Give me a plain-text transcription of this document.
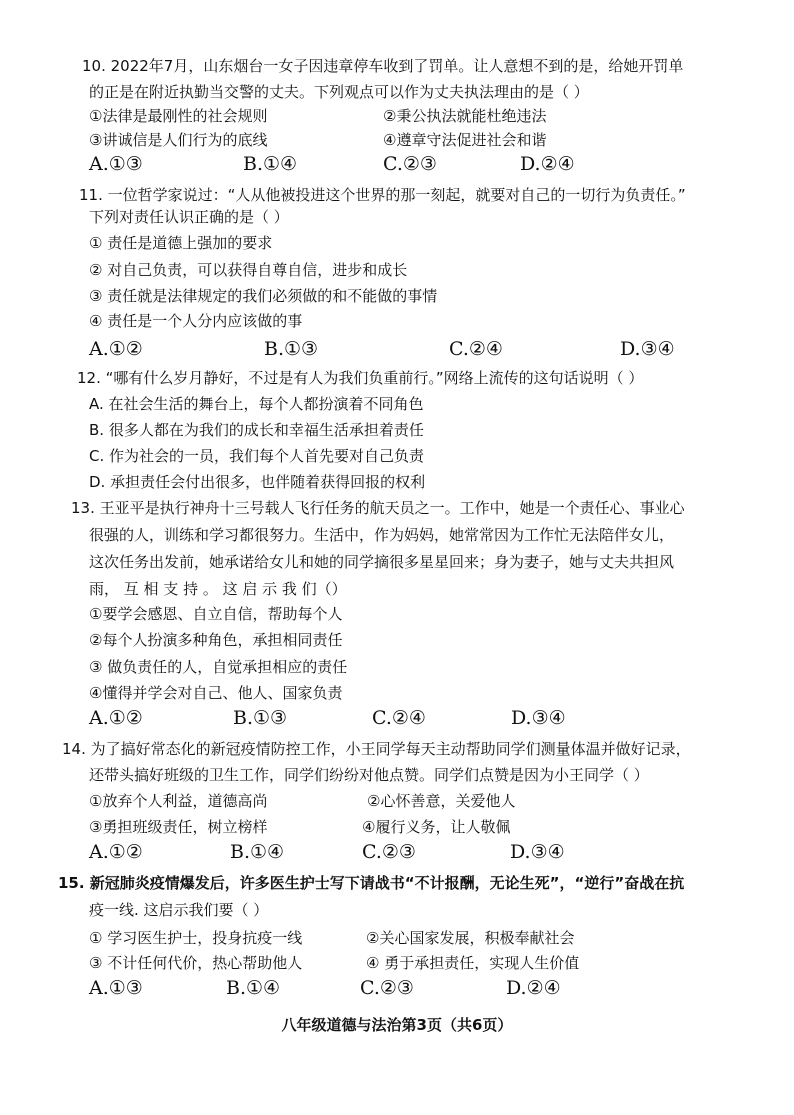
10. 2022年7月，山东烟台一女子因违章停车收到了罚单。让人意想不到的是，给她开罚单
的正是在附近执勤当交警的丈夫。下列观点可以作为丈夫执法理由的是（ ）
①法律是最刚性的社会规则	②秉公执法就能杜绝违法
③讲诚信是人们行为的底线	④遵章守法促进社会和谐
A.①③	B.①④	C.②③	D.②④
11. 一位哲学家说过：“人从他被投进这个世界的那一刻起，就要对自己的一切行为负责任。”
下列对责任认识正确的是（ ）
① 责任是道德上强加的要求
② 对自己负责，可以获得自尊自信，进步和成长
③ 责任就是法律规定的我们必须做的和不能做的事情
④ 责任是一个人分内应该做的事
A.①②	B.①③	C.②④	D.③④
12. “哪有什么岁月静好，不过是有人为我们负重前行。”网络上流传的这句话说明（ ）
A. 在社会生活的舞台上，每个人都扮演着不同角色
B. 很多人都在为我们的成长和幸福生活承担着责任
C. 作为社会的一员，我们每个人首先要对自己负责
D. 承担责任会付出很多，也伴随着获得回报的权利
13. 王亚平是执行神舟十三号载人飞行任务的航天员之一。工作中，她是一个责任心、事业心
很强的人，训练和学习都很努力。生活中，作为妈妈，她常常因为工作忙无法陪伴女儿，
这次任务出发前，她承诺给女儿和她的同学摘很多星星回来；身为妻子，她与丈夫共担风
雨， 互 相 支 持 。 这 启 示 我 们（）
①要学会感恩、自立自信，帮助每个人
②每个人扮演多种角色，承担相同责任
③ 做负责任的人，自觉承担相应的责任
④懂得并学会对自己、他人、国家负责
A.①②	B.①③	C.②④	D.③④
14. 为了搞好常态化的新冠疫情防控工作，小王同学每天主动帮助同学们测量体温并做好记录，
还带头搞好班级的卫生工作，同学们纷纷对他点赞。同学们点赞是因为小王同学（ ）
①放弃个人利益，道德高尚	②心怀善意，关爱他人
③勇担班级责任，树立榜样	④履行义务，让人敬佩
A.①②	B.①④	C.②③	D.③④
15. 新冠肺炎疫情爆发后，许多医生护士写下请战书“不计报酬，无论生死”，“逆行”奋战在抗
疫一线. 这启示我们要（ ）
① 学习医生护士，投身抗疫一线	②关心国家发展，积极奉献社会
③ 不计任何代价，热心帮助他人	④ 勇于承担责任，实现人生价值
A.①③	B.①④	C.②③	D.②④
八年级道德与法治第3页（共6页）
